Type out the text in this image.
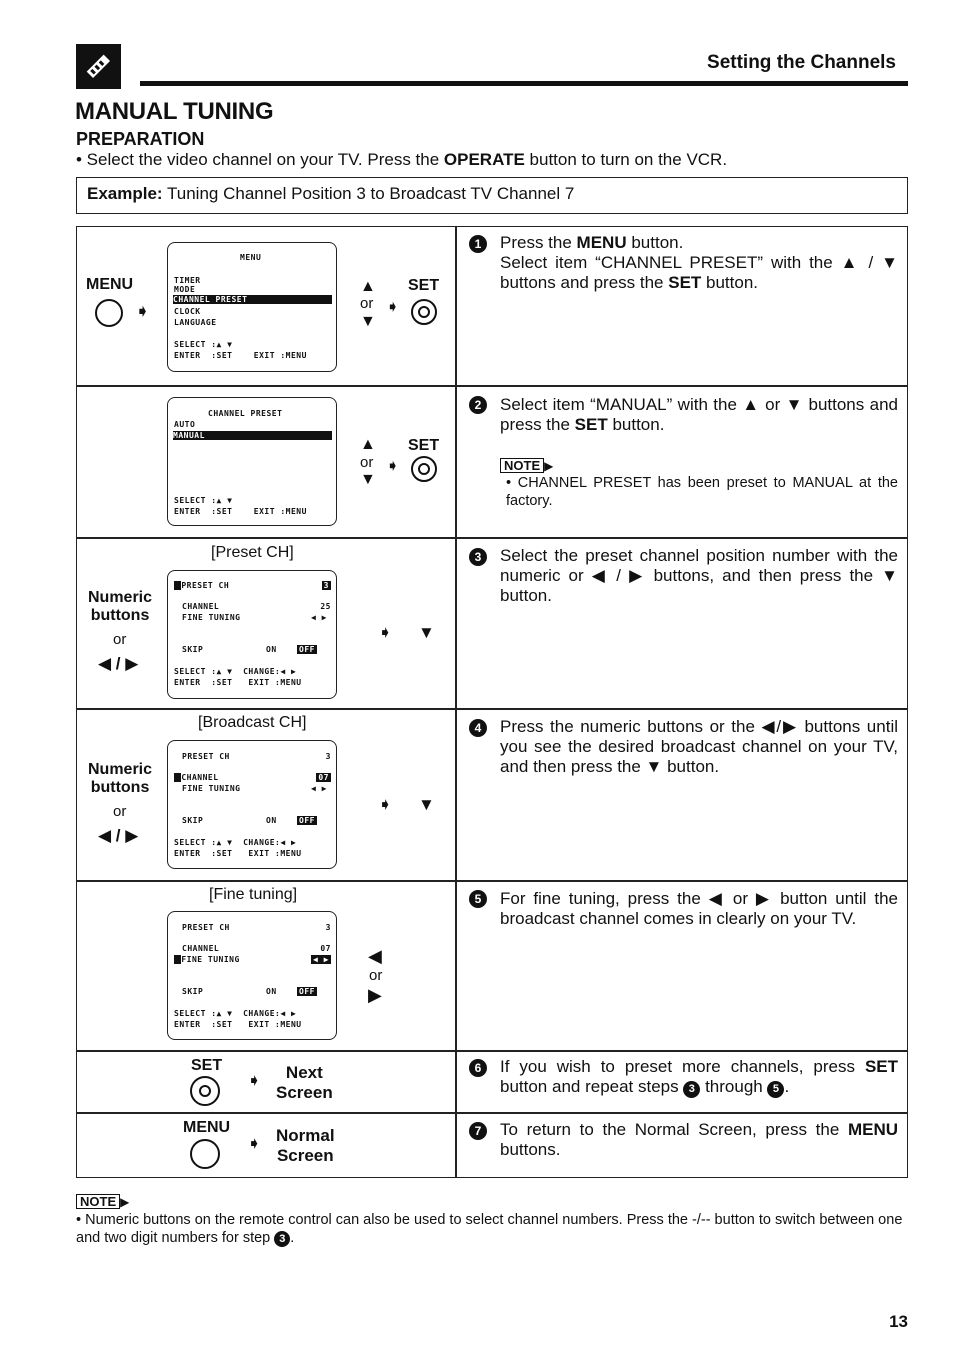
Setting the Channels
MANUAL TUNING
PREPARATION
• Select the video channel on your TV. Press the OPERATE button to turn on the VCR.
Example: Tuning Channel Position 3 to Broadcast TV Channel 7
MENU
➧
MENU
TIMER
MODE
CHANNEL PRESET
CLOCK
LANGUAGE
SELECT :▲ ▼
ENTER  :SET    EXIT :MENU
▲
or
▼
➧
SET
CHANNEL PRESET
AUTO
MANUAL
SELECT :▲ ▼
ENTER  :SET    EXIT :MENU
▲
or
▼
➧
SET
[Preset CH]
Numeric
buttons
or
◀ / ▶
PRESET CH	3
CHANNEL	25
FINE TUNING	◀ ▶
SKIP	ON	OFF
SELECT :▲ ▼  CHANGE:◀ ▶
ENTER  :SET   EXIT :MENU
➧ ▼
[Broadcast CH]
Numeric
buttons
or
◀ / ▶
PRESET CH	3
CHANNEL	07
FINE TUNING	◀ ▶
SKIP	ON	OFF
SELECT :▲ ▼  CHANGE:◀ ▶
ENTER  :SET   EXIT :MENU
➧ ▼
[Fine tuning]
PRESET CH	3
CHANNEL	07
FINE TUNING	◀ ▶
SKIP	ON	OFF
SELECT :▲ ▼  CHANGE:◀ ▶
ENTER  :SET   EXIT :MENU
◀
or
▶
SET
➧	Next
Screen
MENU
➧ Normal
Screen
1	Press the MENU button.
Select item “CHANNEL PRESET” with the ▲ / ▼ buttons and press the SET button.
2	Select item “MANUAL” with the ▲ or ▼ buttons and press the SET button.
NOTE ▶
• CHANNEL PRESET has been preset to MANUAL at the factory.
3	Select the preset channel position number with the numeric or ◀ / ▶ buttons, and then press the ▼ button.
4	Press the numeric buttons or the ◀/▶ buttons until you see the desired broadcast channel on your TV, and then press the ▼ button.
5	For fine tuning, press the ◀ or ▶ button until the broadcast channel comes in clearly on your TV.
6	If you wish to preset more channels, press SET button and repeat steps 3 through 5 .
7	To return to the Normal Screen, press the MENU buttons.
NOTE ▶
• Numeric buttons on the remote control can also be used to select channel numbers. Press the -/-- button to switch between one and two digit numbers for step 3 .
13
